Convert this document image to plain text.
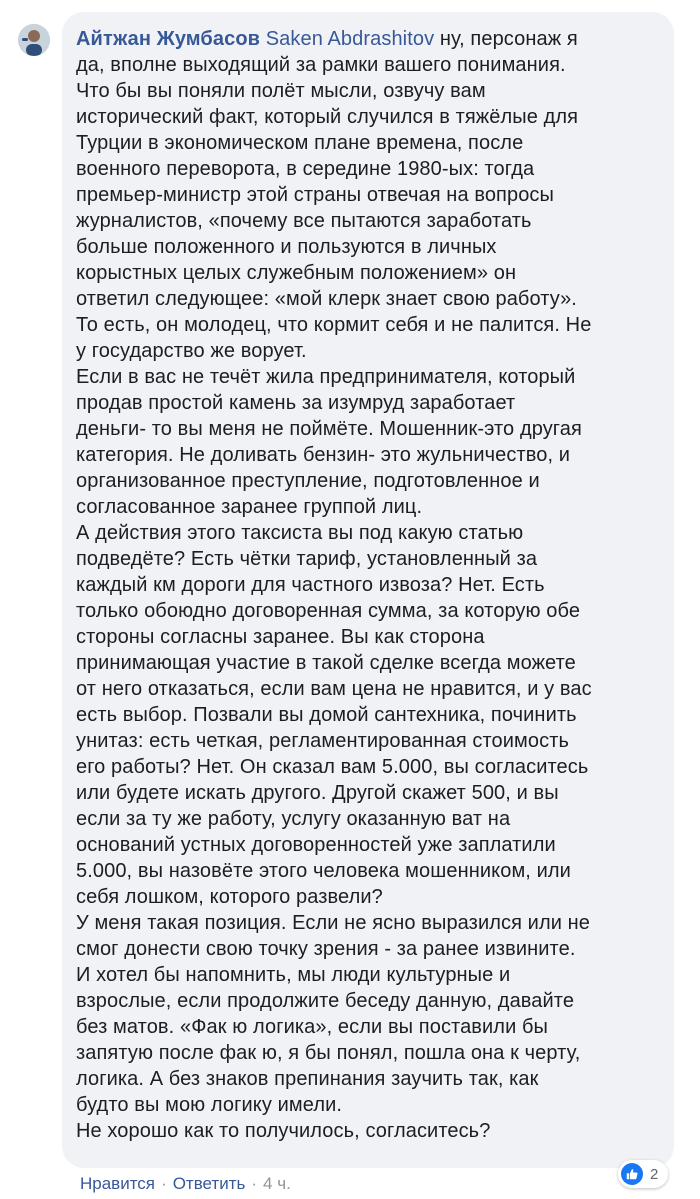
Айтжан Жумбасов Saken Abdrashitov ну, персонаж я
да, вполне выходящий за рамки вашего понимания.
Что бы вы поняли полёт мысли, озвучу вам
исторический факт, который случился в тяжёлые для
Турции в экономическом плане времена, после
военного переворота, в середине 1980-ых: тогда
премьер-министр этой страны отвечая на вопросы
журналистов, «почему все пытаются заработать
больше положенного и пользуются в личных
корыстных целых служебным положением» он
ответил следующее: «мой клерк знает свою работу».
То есть, он молодец, что кормит себя и не палится. Не
у государство же ворует.
Если в вас не течёт жила предпринимателя, который
продав простой камень за изумруд заработает
деньги- то вы меня не поймёте. Мошенник-это другая
категория. Не доливать бензин- это жульничество, и
организованное преступление, подготовленное и
согласованное заранее группой лиц.
А действия этого таксиста вы под какую статью
подведёте? Есть чётки тариф, установленный за
каждый км дороги для частного извоза? Нет. Есть
только обоюдно договоренная сумма, за которую обе
стороны согласны заранее. Вы как сторона
принимающая участие в такой сделке всегда можете
от него отказаться, если вам цена не нравится, и у вас
есть выбор. Позвали вы домой сантехника, починить
унитаз: есть четкая, регламентированная стоимость
его работы? Нет. Он сказал вам 5.000, вы согласитесь
или будете искать другого. Другой скажет 500, и вы
если за ту же работу, услугу оказанную ват на
оснований устных договоренностей уже заплатили
5.000, вы назовёте этого человека мошенником, или
себя лошком, которого развели?
У меня такая позиция. Если не ясно выразился или не
смог донести свою точку зрения - за ранее извините.
И хотел бы напомнить, мы люди культурные и
взрослые, если продолжите беседу данную, давайте
без матов. «Фак ю логика», если вы поставили бы
запятую после фак ю, я бы понял, пошла она к черту,
логика. А без знаков препинания заучить так, как
будто вы мою логику имели.
Не хорошо как то получилось, согласитесь?
2
Нравится · Ответить · 4 ч.
